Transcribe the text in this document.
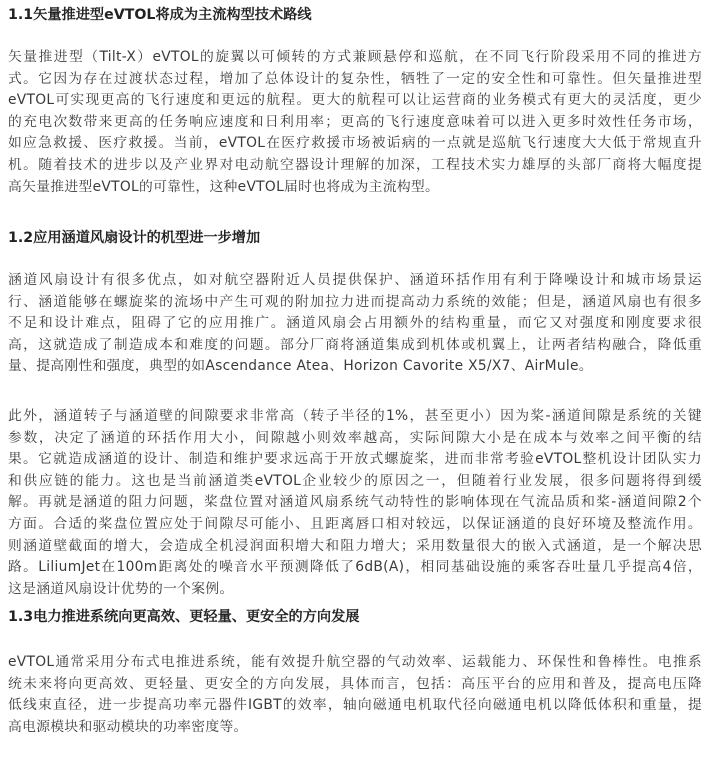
1.1矢量推进型eVTOL将成为主流构型技术路线
矢量推进型（Tilt-X）eVTOL的旋翼以可倾转的方式兼顾悬停和巡航，在不同飞行阶段采用不同的推进方
式。它因为存在过渡状态过程，增加了总体设计的复杂性，牺牲了一定的安全性和可靠性。但矢量推进型
eVTOL可实现更高的飞行速度和更远的航程。更大的航程可以让运营商的业务模式有更大的灵活度，更少
的充电次数带来更高的任务响应速度和日利用率；更高的飞行速度意味着可以进入更多时效性任务市场，
如应急救援、医疗救援。当前，eVTOL在医疗救援市场被诟病的一点就是巡航飞行速度大大低于常规直升
机。随着技术的进步以及产业界对电动航空器设计理解的加深，工程技术实力雄厚的头部厂商将大幅度提
高矢量推进型eVTOL的可靠性，这种eVTOL届时也将成为主流构型。
1.2应用涵道风扇设计的机型进一步增加
涵道风扇设计有很多优点，如对航空器附近人员提供保护、涵道环括作用有利于降噪设计和城市场景运
行、涵道能够在螺旋桨的流场中产生可观的附加拉力进而提高动力系统的效能；但是，涵道风扇也有很多
不足和设计难点，阻碍了它的应用推广。涵道风扇会占用额外的结构重量，而它又对强度和刚度要求很
高，这就造成了制造成本和难度的问题。部分厂商将涵道集成到机体或机翼上，让两者结构融合，降低重
量、提高刚性和强度，典型的如Ascendance Atea、Horizon Cavorite X5/X7、AirMule。
此外，涵道转子与涵道壁的间隙要求非常高（转子半径的1%，甚至更小）因为桨-涵道间隙是系统的关键
参数，决定了涵道的环括作用大小，间隙越小则效率越高，实际间隙大小是在成本与效率之间平衡的结
果。它就造成涵道的设计、制造和维护要求远高于开放式螺旋桨，进而非常考验eVTOL整机设计团队实力
和供应链的能力。这也是当前涵道类eVTOL企业较少的原因之一，但随着行业发展，很多问题将得到缓
解。再就是涵道的阻力问题，桨盘位置对涵道风扇系统气动特性的影响体现在气流品质和桨-涵道间隙2个
方面。合适的桨盘位置应处于间隙尽可能小、且距离唇口相对较远，以保证涵道的良好环境及整流作用。
则涵道壁截面的增大，会造成全机浸润面积增大和阻力增大；采用数量很大的嵌入式涵道，是一个解决思
路。LiliumJet在100m距离处的噪音水平预测降低了6dB(A)，相同基础设施的乘客吞吐量几乎提高4倍，
这是涵道风扇设计优势的一个案例。
1.3电力推进系统向更高效、更轻量、更安全的方向发展
eVTOL通常采用分布式电推进系统，能有效提升航空器的气动效率、运载能力、环保性和鲁棒性。电推系
统未来将向更高效、更轻量、更安全的方向发展，具体而言，包括：高压平台的应用和普及，提高电压降
低线束直径，进一步提高功率元器件IGBT的效率，轴向磁通电机取代径向磁通电机以降低体积和重量，提
高电源模块和驱动模块的功率密度等。
